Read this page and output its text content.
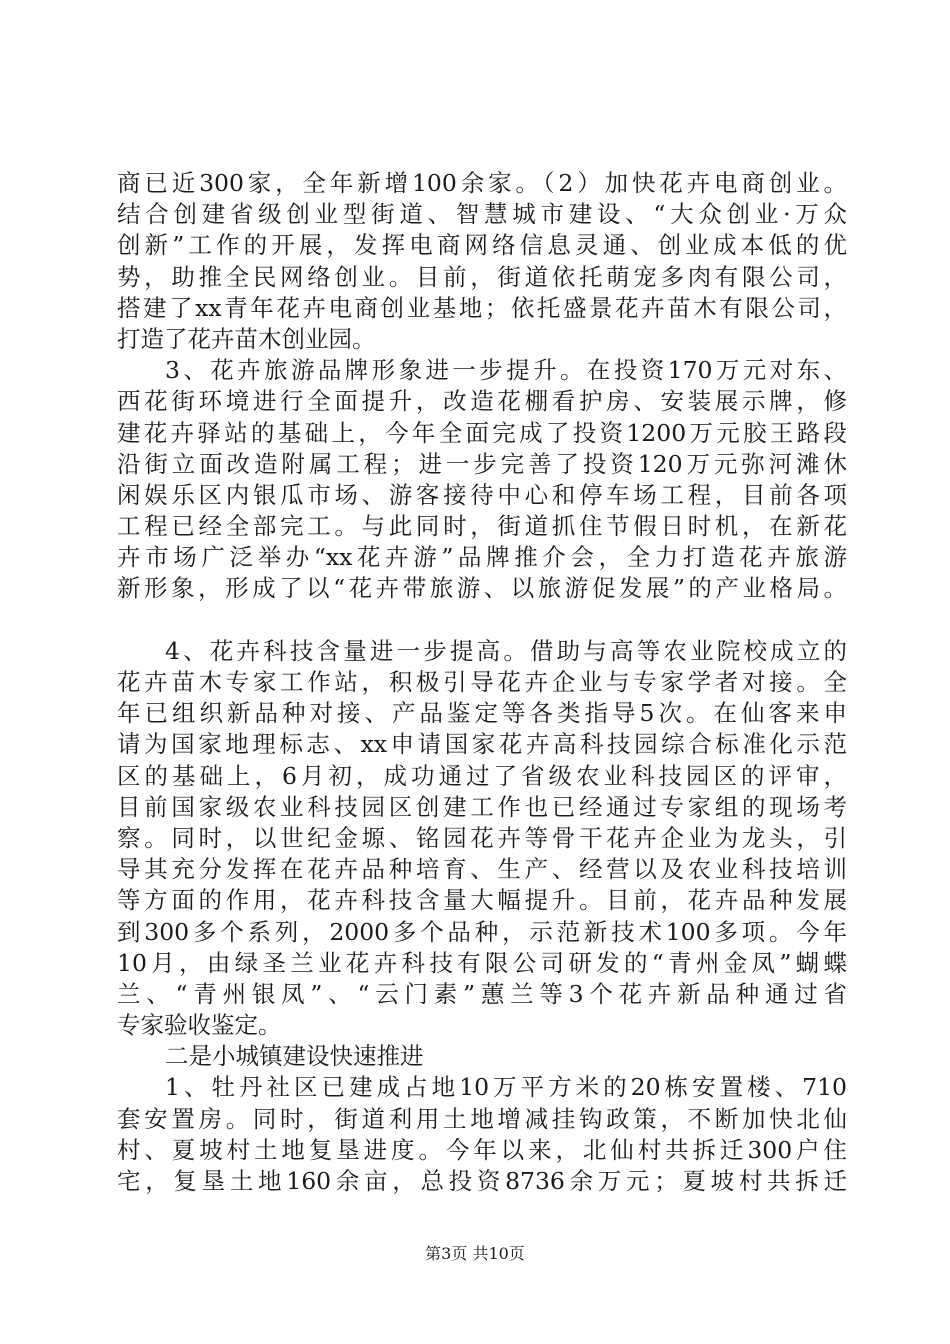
商已近300家，全年新增100余家。（2）加快花卉电商创业。
结合创建省级创业型街道、智慧城市建设、“大众创业·万众
创新”工作的开展，发挥电商网络信息灵通、创业成本低的优
势，助推全民网络创业。目前，街道依托萌宠多肉有限公司，
搭建了xx青年花卉电商创业基地；依托盛景花卉苗木有限公司，
打造了花卉苗木创业园。
3、花卉旅游品牌形象进一步提升。在投资170万元对东、
西花街环境进行全面提升，改造花棚看护房、安装展示牌，修
建花卉驿站的基础上，今年全面完成了投资1200万元胶王路段
沿街立面改造附属工程；进一步完善了投资120万元弥河滩休
闲娱乐区内银瓜市场、游客接待中心和停车场工程，目前各项
工程已经全部完工。与此同时，街道抓住节假日时机，在新花
卉市场广泛举办“xx花卉游”品牌推介会，全力打造花卉旅游
新形象，形成了以“花卉带旅游、以旅游促发展”的产业格局。
4、花卉科技含量进一步提高。借助与高等农业院校成立的
花卉苗木专家工作站，积极引导花卉企业与专家学者对接。全
年已组织新品种对接、产品鉴定等各类指导5次。在仙客来申
请为国家地理标志、xx申请国家花卉高科技园综合标准化示范
区的基础上，6月初，成功通过了省级农业科技园区的评审，
目前国家级农业科技园区创建工作也已经通过专家组的现场考
察。同时，以世纪金塬、铭园花卉等骨干花卉企业为龙头，引
导其充分发挥在花卉品种培育、生产、经营以及农业科技培训
等方面的作用，花卉科技含量大幅提升。目前，花卉品种发展
到300多个系列，2000多个品种，示范新技术100多项。今年
10月，由绿圣兰业花卉科技有限公司研发的“青州金凤”蝴蝶
兰、“青州银凤”、“云门素”蕙兰等3个花卉新品种通过省
专家验收鉴定。
二是小城镇建设快速推进
1、牡丹社区已建成占地10万平方米的20栋安置楼、710
套安置房。同时，街道利用土地增减挂钩政策，不断加快北仙
村、夏坡村土地复垦进度。今年以来，北仙村共拆迁300户住
宅，复垦土地160余亩，总投资8736余万元；夏坡村共拆迁
第3页 共10页
